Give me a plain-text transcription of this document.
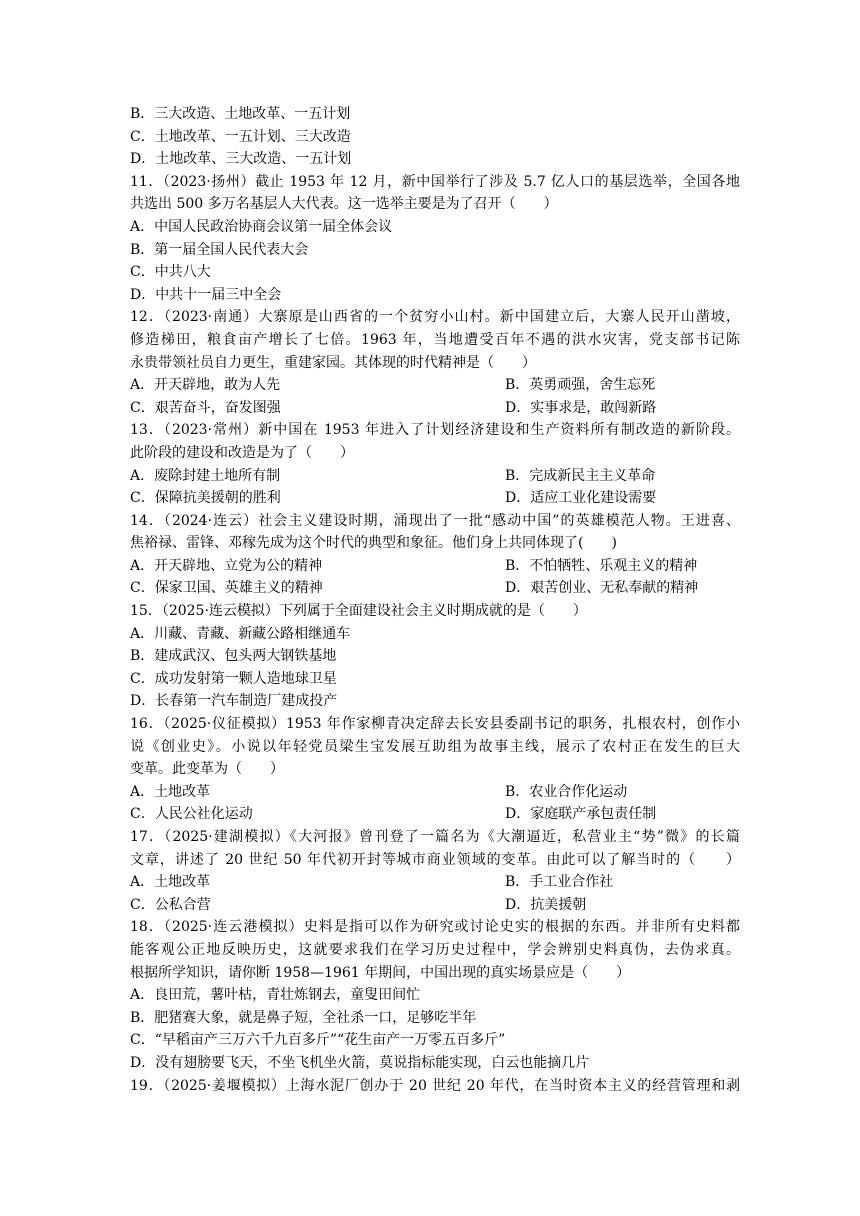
B．三大改造、土地改革、一五计划
C．土地改革、一五计划、三大改造
D．土地改革、三大改造、一五计划
11．（2023·扬州）截止 1953 年 12 月，新中国举行了涉及 5.7 亿人口的基层选举，全国各地
共选出 500 多万名基层人大代表。这一选举主要是为了召开（　　）
A．中国人民政治协商会议第一届全体会议
B．第一届全国人民代表大会
C．中共八大
D．中共十一届三中全会
12．（2023·南通）大寨原是山西省的一个贫穷小山村。新中国建立后，大寨人民开山凿坡，
修造梯田，粮食亩产增长了七倍。1963 年，当地遭受百年不遇的洪水灾害，党支部书记陈
永贵带领社员自力更生，重建家园。其体现的时代精神是（　　）
A．开天辟地，敢为人先	B．英勇顽强，舍生忘死
C．艰苦奋斗，奋发图强	D．实事求是，敢闯新路
13．（2023·常州）新中国在 1953 年进入了计划经济建设和生产资料所有制改造的新阶段。
此阶段的建设和改造是为了（　　）
A．废除封建土地所有制	B．完成新民主主义革命
C．保障抗美援朝的胜利	D．适应工业化建设需要
14．（2024·连云）社会主义建设时期，涌现出了一批“感动中国”的英雄模范人物。王进喜、
焦裕禄、雷锋、邓稼先成为这个时代的典型和象征。他们身上共同体现了(　　)
A．开天辟地、立党为公的精神	B．不怕牺牲、乐观主义的精神
C．保家卫国、英雄主义的精神	D．艰苦创业、无私奉献的精神
15．（2025·连云模拟）下列属于全面建设社会主义时期成就的是（　　）
A．川藏、青藏、新藏公路相继通车
B．建成武汉、包头两大钢铁基地
C．成功发射第一颗人造地球卫星
D．长春第一汽车制造厂建成投产
16．（2025·仪征模拟）1953 年作家柳青决定辞去长安县委副书记的职务，扎根农村，创作小
说《创业史》。小说以年轻党员梁生宝发展互助组为故事主线，展示了农村正在发生的巨大
变革。此变革为（　　）
A．土地改革	B．农业合作化运动
C．人民公社化运动	D．家庭联产承包责任制
17．（2025·建湖模拟）《大河报》曾刊登了一篇名为《大潮逼近，私营业主“势”微》的长篇
文章，讲述了 20 世纪 50 年代初开封等城市商业领域的变革。由此可以了解当时的（　　）
A．土地改革	B．手工业合作社
C．公私合营	D．抗美援朝
18．（2025·连云港模拟）史料是指可以作为研究或讨论史实的根据的东西。并非所有史料都
能客观公正地反映历史，这就要求我们在学习历史过程中，学会辨别史料真伪，去伪求真。
根据所学知识，请你断 1958—1961 年期间，中国出现的真实场景应是（　　）
A．良田荒，薯叶枯，青壮炼钢去，童叟田间忙
B．肥猪赛大象，就是鼻子短，全社杀一口，足够吃半年
C．“早稻亩产三万六千九百多斤”“花生亩产一万零五百多斤”
D．没有翅膀要飞天，不坐飞机坐火箭，莫说指标能实现，白云也能摘几片
19．（2025·姜堰模拟）上海水泥厂创办于 20 世纪 20 年代，在当时资本主义的经营管理和剥
